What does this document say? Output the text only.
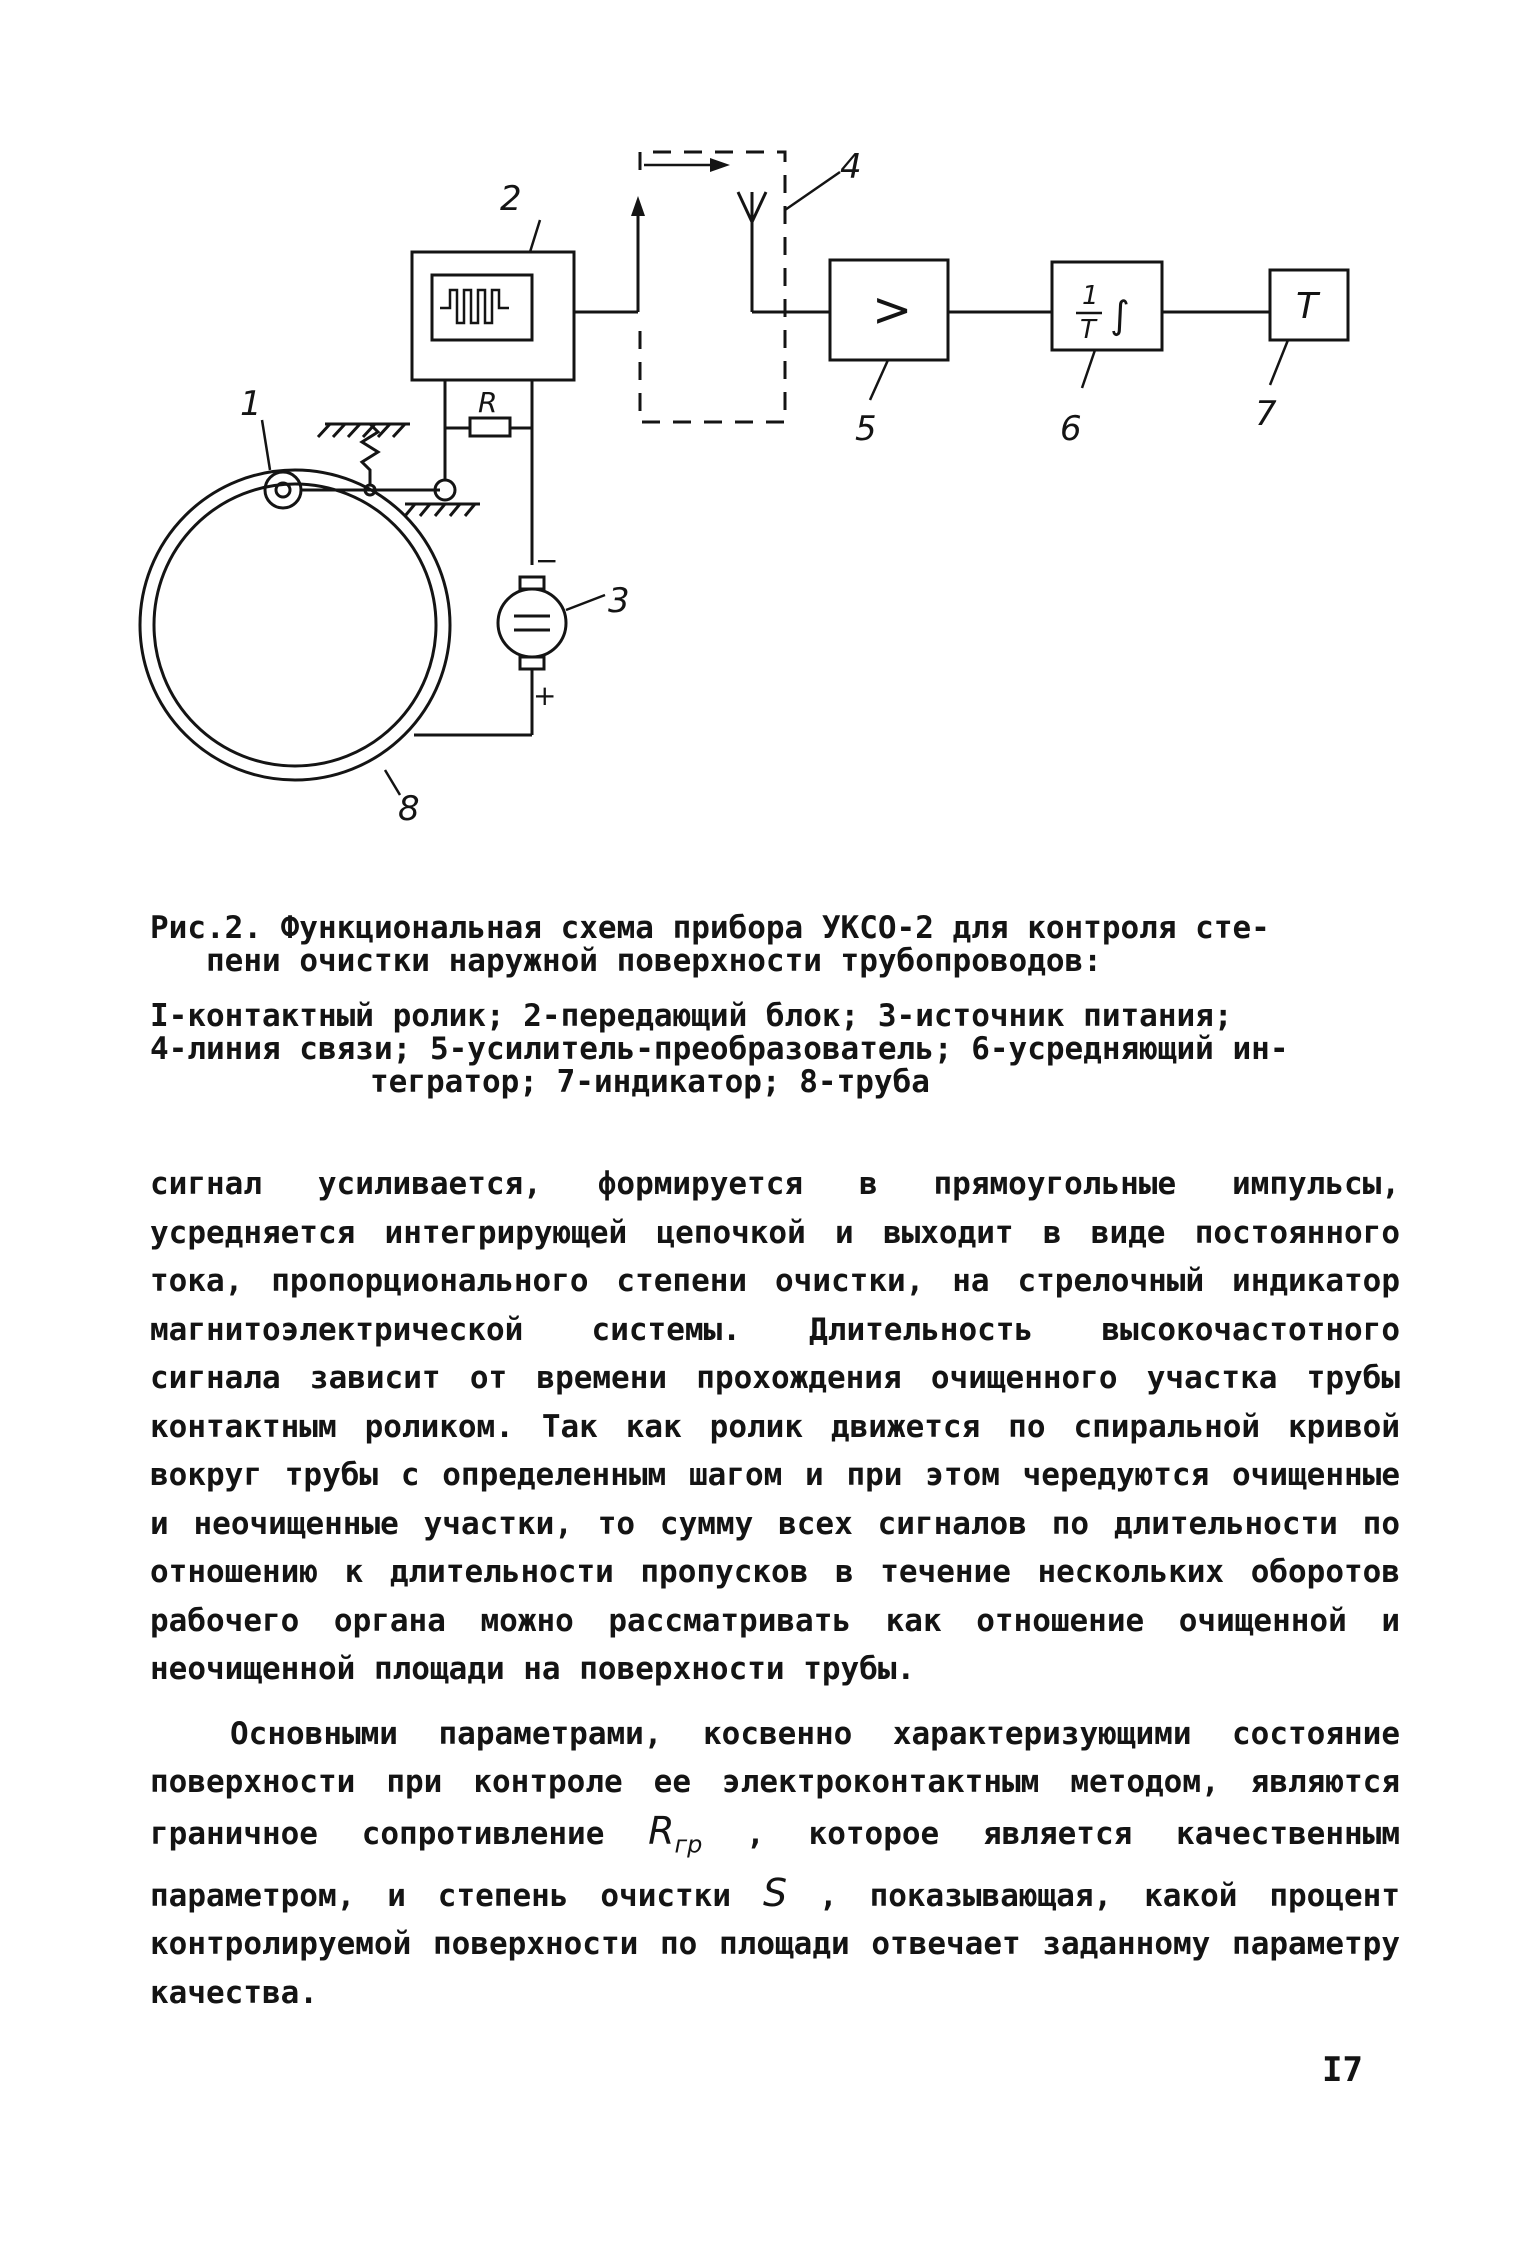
1
2
3
4
5	6	7
8
R
−
+
>	1
T ∫	T
Рис.2. Функциональная схема прибора УКСО-2 для контроля сте-
пени очистки наружной поверхности трубопроводов:
I-контактный ролик; 2-передающий блок; 3-источник питания;
4-линия связи; 5-усилитель-преобразователь; 6-усредняющий ин-
тегратор; 7-индикатор; 8-труба

сигнал усиливается, формируется в прямоугольные импульсы, усредняется интегрирующей цепочкой и выходит в виде постоянного тока, пропорционального степени очистки, на стрелочный индикатор магнитоэлектрической системы. Длительность высокочастотного сигнала зависит от времени прохождения очищенного участка трубы контактным роликом. Так как ролик движется по спиральной кривой вокруг трубы с определенным шагом и при этом чередуются очищенные и неочищенные участки, то сумму всех сигналов по длительности по отношению к длительности пропусков в течение нескольких оборотов рабочего органа можно рассматривать как отношение очищенной и неочищенной площади на поверхности трубы.

Основными параметрами, косвенно характеризующими состояние поверхности при контроле ее электроконтактным методом, являются граничное сопротивление $R_{гр}$ , которое является качественным параметром, и степень очистки S , показывающая, какой процент контролируемой поверхности по площади отвечает заданному параметру качества.

I7
